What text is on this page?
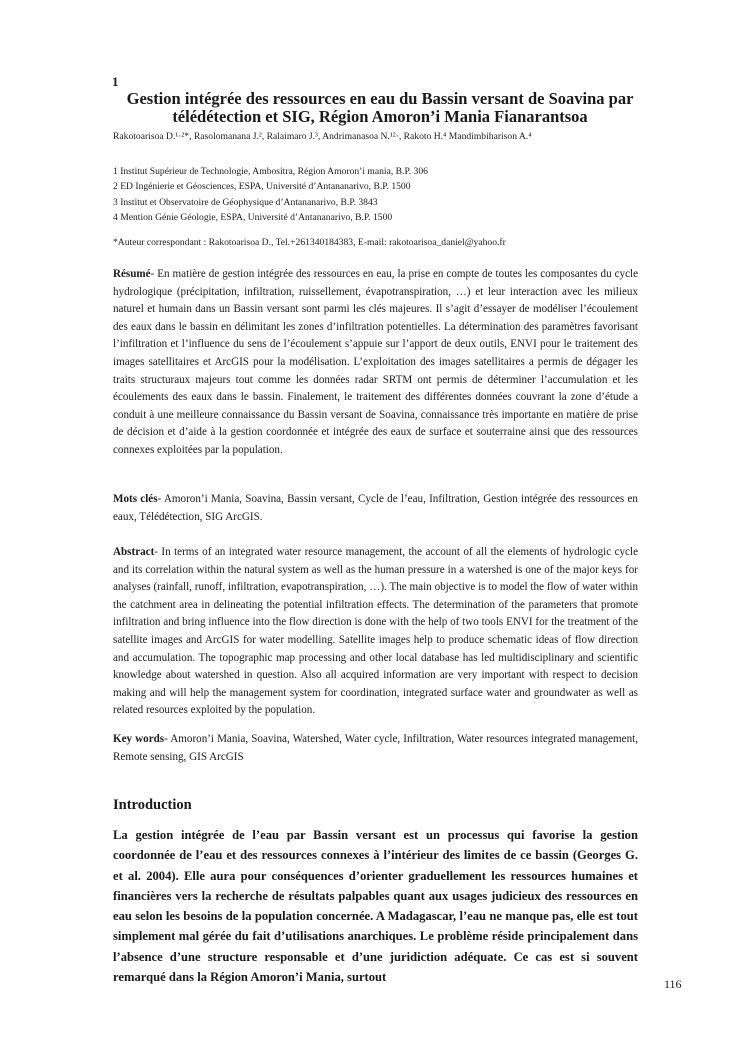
1
Gestion intégrée des ressources en eau du Bassin versant de Soavina par télédétection et SIG, Région Amoron’i Mania Fianarantsoa
Rakotoarisoa D.¹·²*, Rasolomanana J.², Ralaimaro J.³, Andrimanasoa N.¹²·, Rakoto H.⁴ Mandimbiharison A.⁴
1 Institut Supérieur de Technologie, Ambositra, Région Amoron’i mania, B.P. 306
2 ED Ingénierie et Géosciences, ESPA, Université d’Antananarivo, B.P. 1500
3 Institut et Observatoire de Géophysique d’Antananarivo, B.P. 3843
4 Mention Génie Géologie, ESPA, Université d’Antananarivo, B.P. 1500
*Auteur correspondant : Rakotoarisoa D., Tel.+261340184383, E-mail: rakotoarisoa_daniel@yahoo.fr
Résumé- En matière de gestion intégrée des ressources en eau, la prise en compte de toutes les composantes du cycle hydrologique (précipitation, infiltration, ruissellement, évapotranspiration, …) et leur interaction avec les milieux naturel et humain dans un Bassin versant sont parmi les clés majeures. Il s’agit d’essayer de modéliser l’écoulement des eaux dans le bassin en délimitant les zones d’infiltration potentielles. La détermination des paramètres favorisant l’infiltration et l’influence du sens de l’écoulement s’appuie sur l’apport de deux outils, ENVI pour le traitement des images satellitaires et ArcGIS pour la modélisation. L’exploitation des images satellitaires a permis de dégager les traits structuraux majeurs tout comme les données radar SRTM ont permis de déterminer l’accumulation et les écoulements des eaux dans le bassin. Finalement, le traitement des différentes données couvrant la zone d’étude a conduit à une meilleure connaissance du Bassin versant de Soavina, connaissance très importante en matière de prise de décision et d’aide à la gestion coordonnée et intégrée des eaux de surface et souterraine ainsi que des ressources connexes exploitées par la population.
Mots clés- Amoron’i Mania, Soavina, Bassin versant, Cycle de l’eau, Infiltration, Gestion intégrée des ressources en eaux, Télédétection, SIG ArcGIS.
Abstract- In terms of an integrated water resource management, the account of all the elements of hydrologic cycle and its correlation within the natural system as well as the human pressure in a watershed is one of the major keys for analyses (rainfall, runoff, infiltration, evapotranspiration, …). The main objective is to model the flow of water within the catchment area in delineating the potential infiltration effects. The determination of the parameters that promote infiltration and bring influence into the flow direction is done with the help of two tools ENVI for the treatment of the satellite images and ArcGIS for water modelling. Satellite images help to produce schematic ideas of flow direction and accumulation. The topographic map processing and other local database has led multidisciplinary and scientific knowledge about watershed in question. Also all acquired information are very important with respect to decision making and will help the management system for coordination, integrated surface water and groundwater as well as related resources exploited by the population.
Key words- Amoron’i Mania, Soavina, Watershed, Water cycle, Infiltration, Water resources integrated management, Remote sensing, GIS ArcGIS
Introduction
La gestion intégrée de l’eau par Bassin versant est un processus qui favorise la gestion coordonnée de l’eau et des ressources connexes à l’intérieur des limites de ce bassin (Georges G. et al. 2004). Elle aura pour conséquences d’orienter graduellement les ressources humaines et financières vers la recherche de résultats palpables quant aux usages judicieux des ressources en eau selon les besoins de la population concernée. A Madagascar, l’eau ne manque pas, elle est tout simplement mal gérée du fait d’utilisations anarchiques. Le problème réside principalement dans l’absence d’une structure responsable et d’une juridiction adéquate. Ce cas est si souvent remarqué dans la Région Amoron’i Mania, surtout	116
